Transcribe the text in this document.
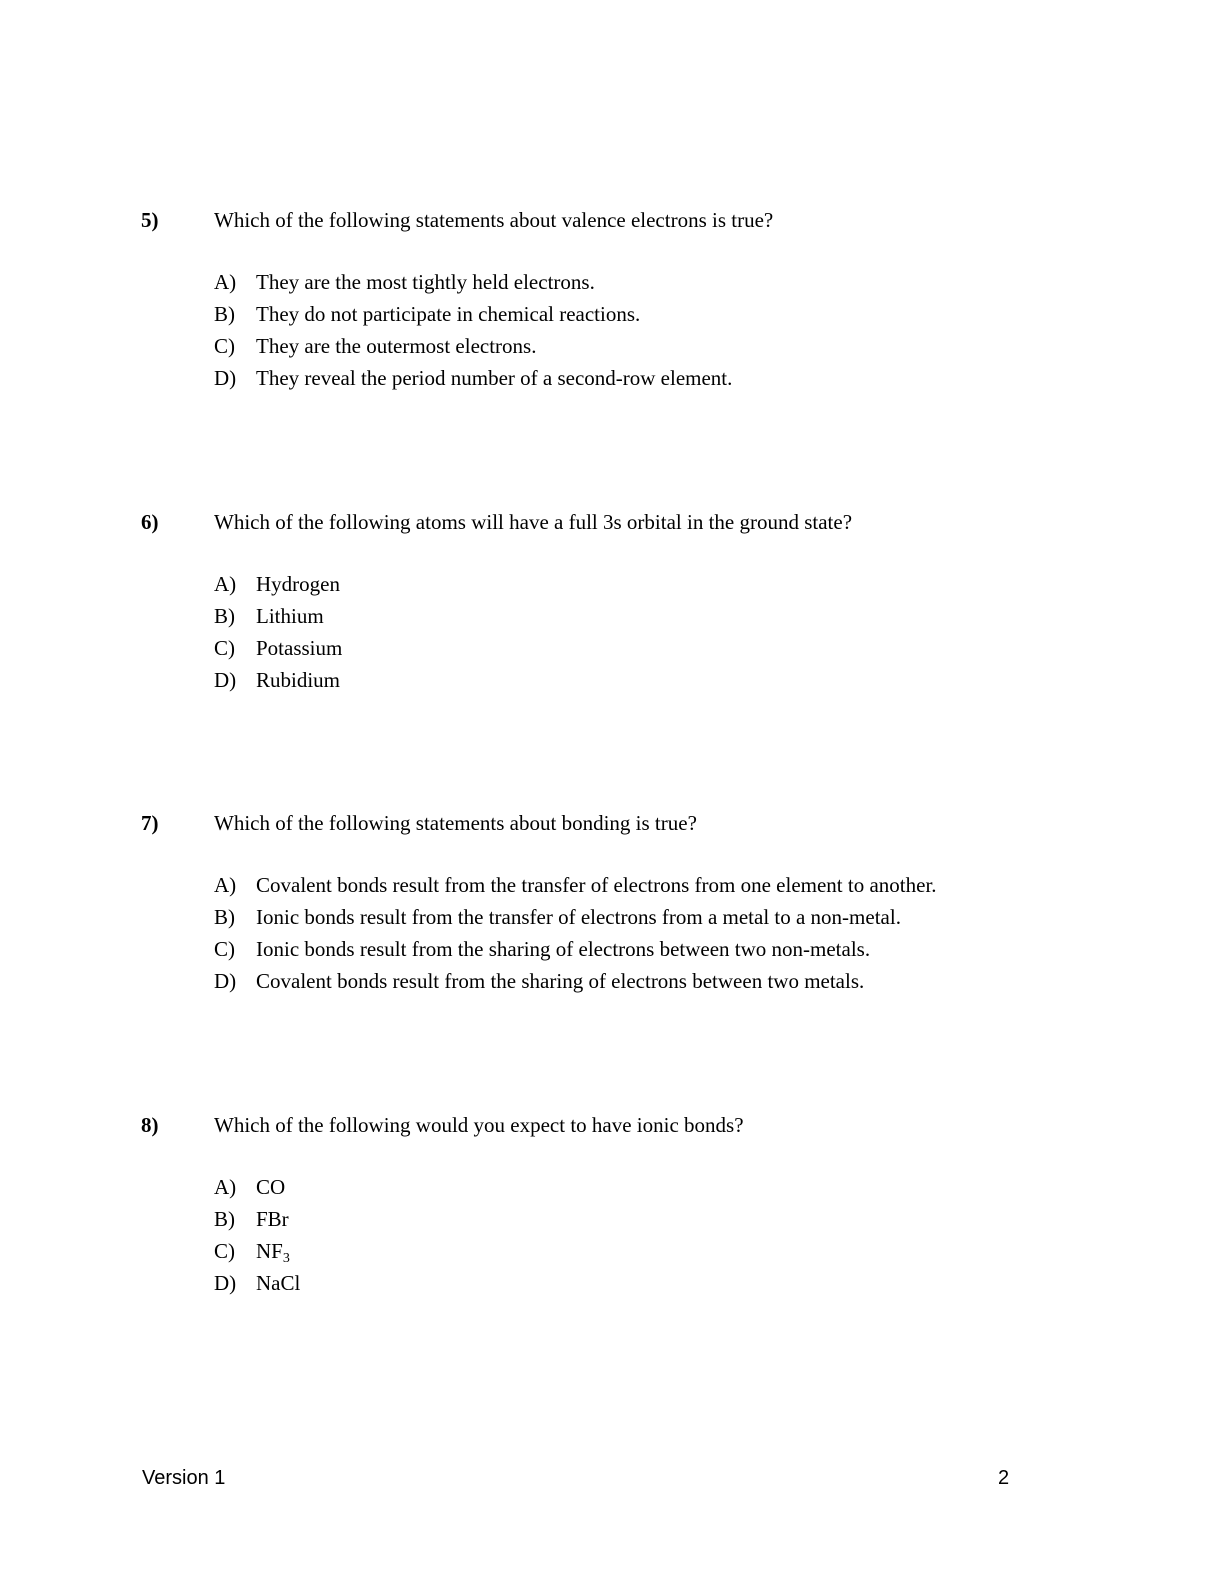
5)	Which of the following statements about valence electrons is true?
A) They are the most tightly held electrons.
B) They do not participate in chemical reactions.
C) They are the outermost electrons.
D) They reveal the period number of a second-row element.
6)	Which of the following atoms will have a full 3s orbital in the ground state?
A) Hydrogen
B) Lithium
C) Potassium
D) Rubidium
7)	Which of the following statements about bonding is true?
A) Covalent bonds result from the transfer of electrons from one element to another.
B) Ionic bonds result from the transfer of electrons from a metal to a non-metal.
C) Ionic bonds result from the sharing of electrons between two non-metals.
D) Covalent bonds result from the sharing of electrons between two metals.
8)	Which of the following would you expect to have ionic bonds?
A) CO
B) FBr
C) $NF_3$
D) NaCl
Version 1	2
